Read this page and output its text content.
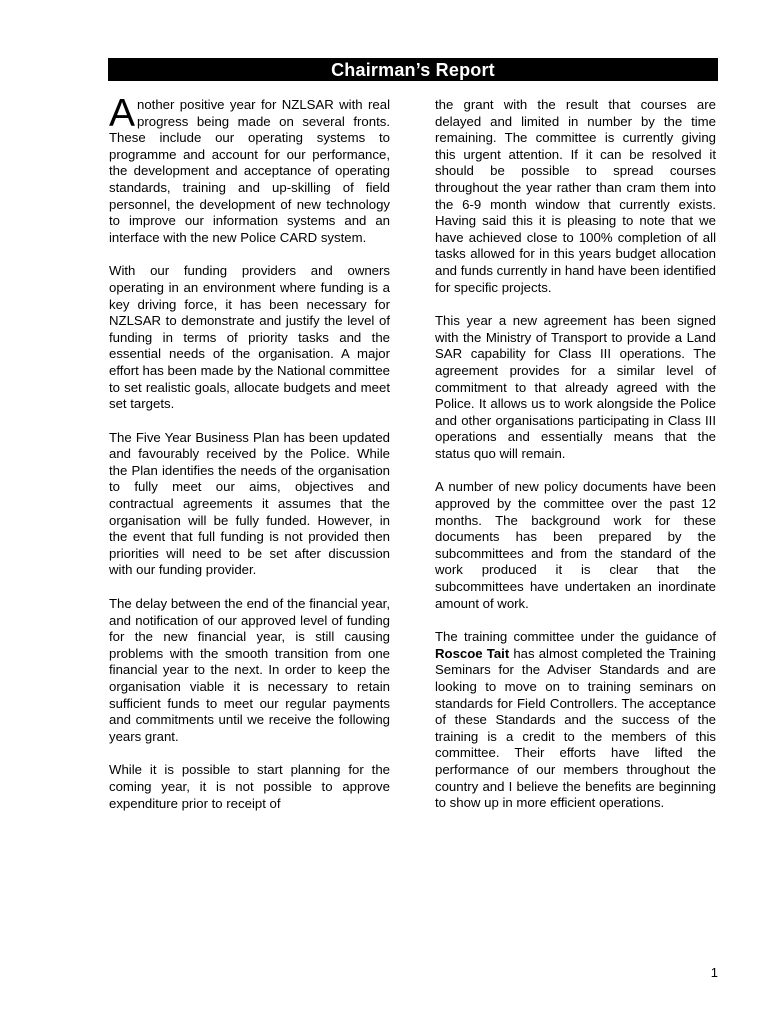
Chairman’s Report

Another positive year for NZLSAR with real progress being made on several fronts. These include our operating systems to programme and account for our performance, the development and acceptance of operating standards, training and up-skilling of field personnel, the development of new technology to improve our information systems and an interface with the new Police CARD system.

With our funding providers and owners operating in an environment where funding is a key driving force, it has been necessary for NZLSAR to demonstrate and justify the level of funding in terms of priority tasks and the essential needs of the organisation. A major effort has been made by the National committee to set realistic goals, allocate budgets and meet set targets.

The Five Year Business Plan has been updated and favourably received by the Police. While the Plan identifies the needs of the organisation to fully meet our aims, objectives and contractual agreements it assumes that the organisation will be fully funded. However, in the event that full funding is not provided then priorities will need to be set after discussion with our funding provider.

The delay between the end of the financial year, and notification of our approved level of funding for the new financial year, is still causing problems with the smooth transition from one financial year to the next. In order to keep the organisation viable it is necessary to retain sufficient funds to meet our regular payments and commitments until we receive the following years grant.

While it is possible to start planning for the coming year, it is not possible to approve expenditure prior to receipt of

the grant with the result that courses are delayed and limited in number by the time remaining. The committee is currently giving this urgent attention. If it can be resolved it should be possible to spread courses throughout the year rather than cram them into the 6-9 month window that currently exists. Having said this it is pleasing to note that we have achieved close to 100% completion of all tasks allowed for in this years budget allocation and funds currently in hand have been identified for specific projects.

This year a new agreement has been signed with the Ministry of Transport to provide a Land SAR capability for Class III operations. The agreement provides for a similar level of commitment to that already agreed with the Police. It allows us to work alongside the Police and other organisations participating in Class III operations and essentially means that the status quo will remain.

A number of new policy documents have been approved by the committee over the past 12 months. The background work for these documents has been prepared by the subcommittees and from the standard of the work produced it is clear that the subcommittees have undertaken an inordinate amount of work.

The training committee under the guidance of Roscoe Tait has almost completed the Training Seminars for the Adviser Standards and are looking to move on to training seminars on standards for Field Controllers. The acceptance of these Standards and the success of the training is a credit to the members of this committee. Their efforts have lifted the performance of our members throughout the country and I believe the benefits are beginning to show up in more efficient operations.

1
